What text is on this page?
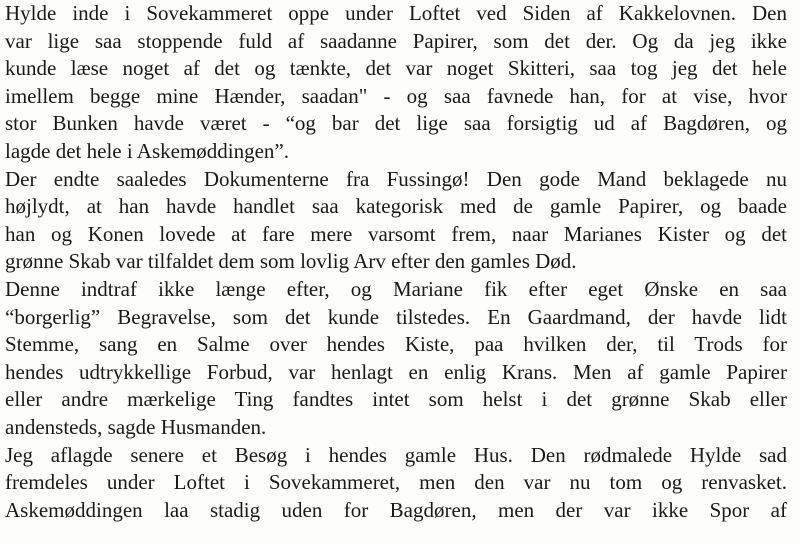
Hylde inde i Sovekammeret oppe under Loftet ved Siden af Kakkelovnen. Den
var lige saa stoppende fuld af saadanne Papirer, som det der. Og da jeg ikke
kunde læse noget af det og tænkte, det var noget Skitteri, saa tog jeg det hele
imellem begge mine Hænder, saadan" - og saa favnede han, for at vise, hvor
stor Bunken havde været - “og bar det lige saa forsigtig ud af Bagdøren, og
lagde det hele i Askemøddingen”.
Der endte saaledes Dokumenterne fra Fussingø! Den gode Mand beklagede nu
højlydt, at han havde handlet saa kategorisk med de gamle Papirer, og baade
han og Konen lovede at fare mere varsomt frem, naar Marianes Kister og det
grønne Skab var tilfaldet dem som lovlig Arv efter den gamles Død.
Denne indtraf ikke længe efter, og Mariane fik efter eget Ønske en saa
“borgerlig” Begravelse, som det kunde tilstedes. En Gaardmand, der havde lidt
Stemme, sang en Salme over hendes Kiste, paa hvilken der, til Trods for
hendes udtrykkellige Forbud, var henlagt en enlig Krans. Men af gamle Papirer
eller andre mærkelige Ting fandtes intet som helst i det grønne Skab eller
andensteds, sagde Husmanden.
Jeg aflagde senere et Besøg i hendes gamle Hus. Den rødmalede Hylde sad
fremdeles under Loftet i Sovekammeret, men den var nu tom og renvasket.
Askemøddingen laa stadig uden for Bagdøren, men der var ikke Spor af
